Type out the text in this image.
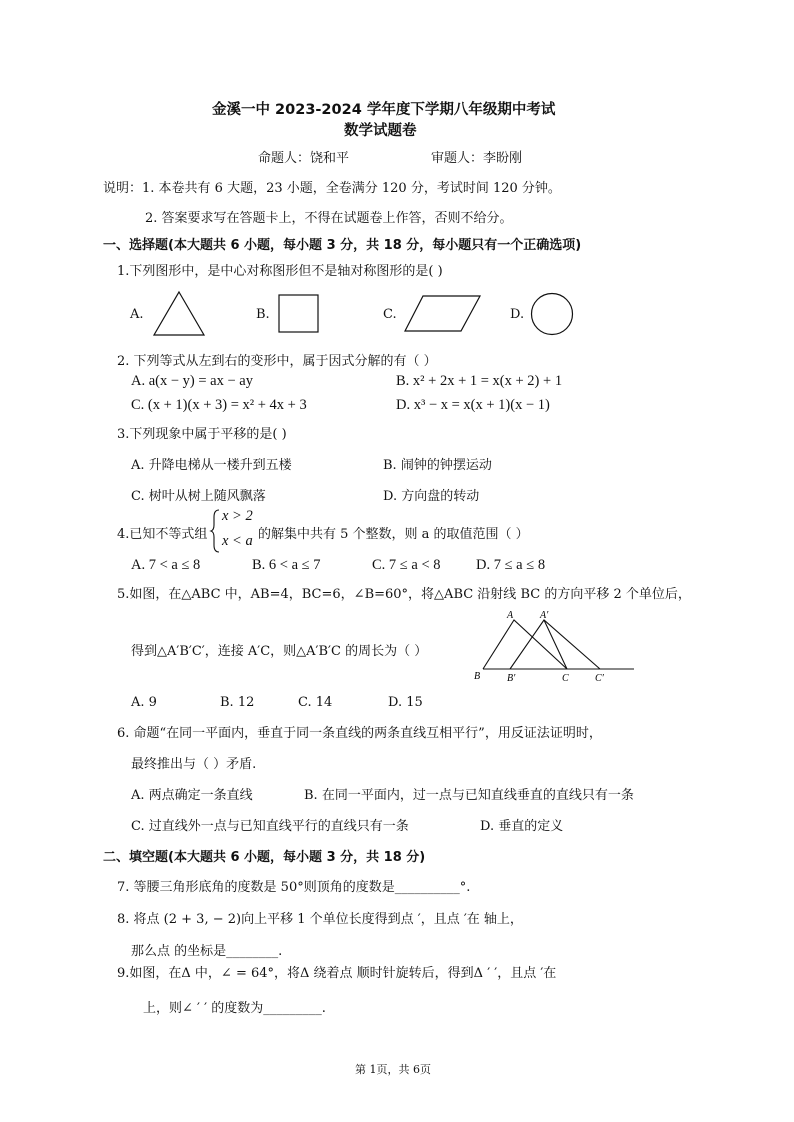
金溪一中 2023-2024 学年度下学期八年级期中考试
数学试题卷
命题人：饶和平	审题人：李盼刚
说明：1. 本卷共有 6 大题，23 小题，全卷满分 120 分，考试时间 120 分钟。
2. 答案要求写在答题卡上，不得在试题卷上作答，否则不给分。
一、选择题(本大题共 6 小题，每小题 3 分，共 18 分，每小题只有一个正确选项)
1.下列图形中，是中心对称图形但不是轴对称图形的是( )
A.	B.	C.	D.
2. 下列等式从左到右的变形中，属于因式分解的有（ ）
A. a(x − y) = ax − ay	B. x² + 2x + 1 = x(x + 2) + 1
C. (x + 1)(x + 3) = x² + 4x + 3	D. x³ − x = x(x + 1)(x − 1)
3.下列现象中属于平移的是( )
A. 升降电梯从一楼升到五楼	B. 闹钟的钟摆运动
C. 树叶从树上随风飘落	D. 方向盘的转动
4.已知不等式组
x > 2
x < a 的解集中共有 5 个整数，则 a 的取值范围（ ）
A. 7 < a ≤ 8	B. 6 < a ≤ 7	C. 7 ≤ a < 8 D. 7 ≤ a ≤ 8
5.如图，在△ABC 中，AB=4，BC=6，∠B=60°，将△ABC 沿射线 BC 的方向平移 2 个单位后，
得到△A′B′C′，连接 A′C，则△A′B′C 的周长为（ ）
A	A′
B	B′	C	C′
A. 9	B. 12	C. 14	D. 15
6. 命题“在同一平面内，垂直于同一条直线的两条直线互相平行”，用反证法证明时，
最终推出与（ ）矛盾.
A. 两点确定一条直线	B. 在同一平面内，过一点与已知直线垂直的直线只有一条
C. 过直线外一点与已知直线平行的直线只有一条	D. 垂直的定义
二、填空题(本大题共 6 小题，每小题 3 分，共 18 分)
7. 等腰三角形底角的度数是 50°则顶角的度数是__________°.
8. 将点 (2 + 3, − 2)向上平移 1 个单位长度得到点 ′，且点 ′在 轴上，
那么点 的坐标是________.
9.如图，在Δ 中，∠ = 64°，将Δ 绕着点 顺时针旋转后，得到Δ ′ ′，且点 ′在
上，则∠ ′ ′ 的度数为_________.
第 1页，共 6页
